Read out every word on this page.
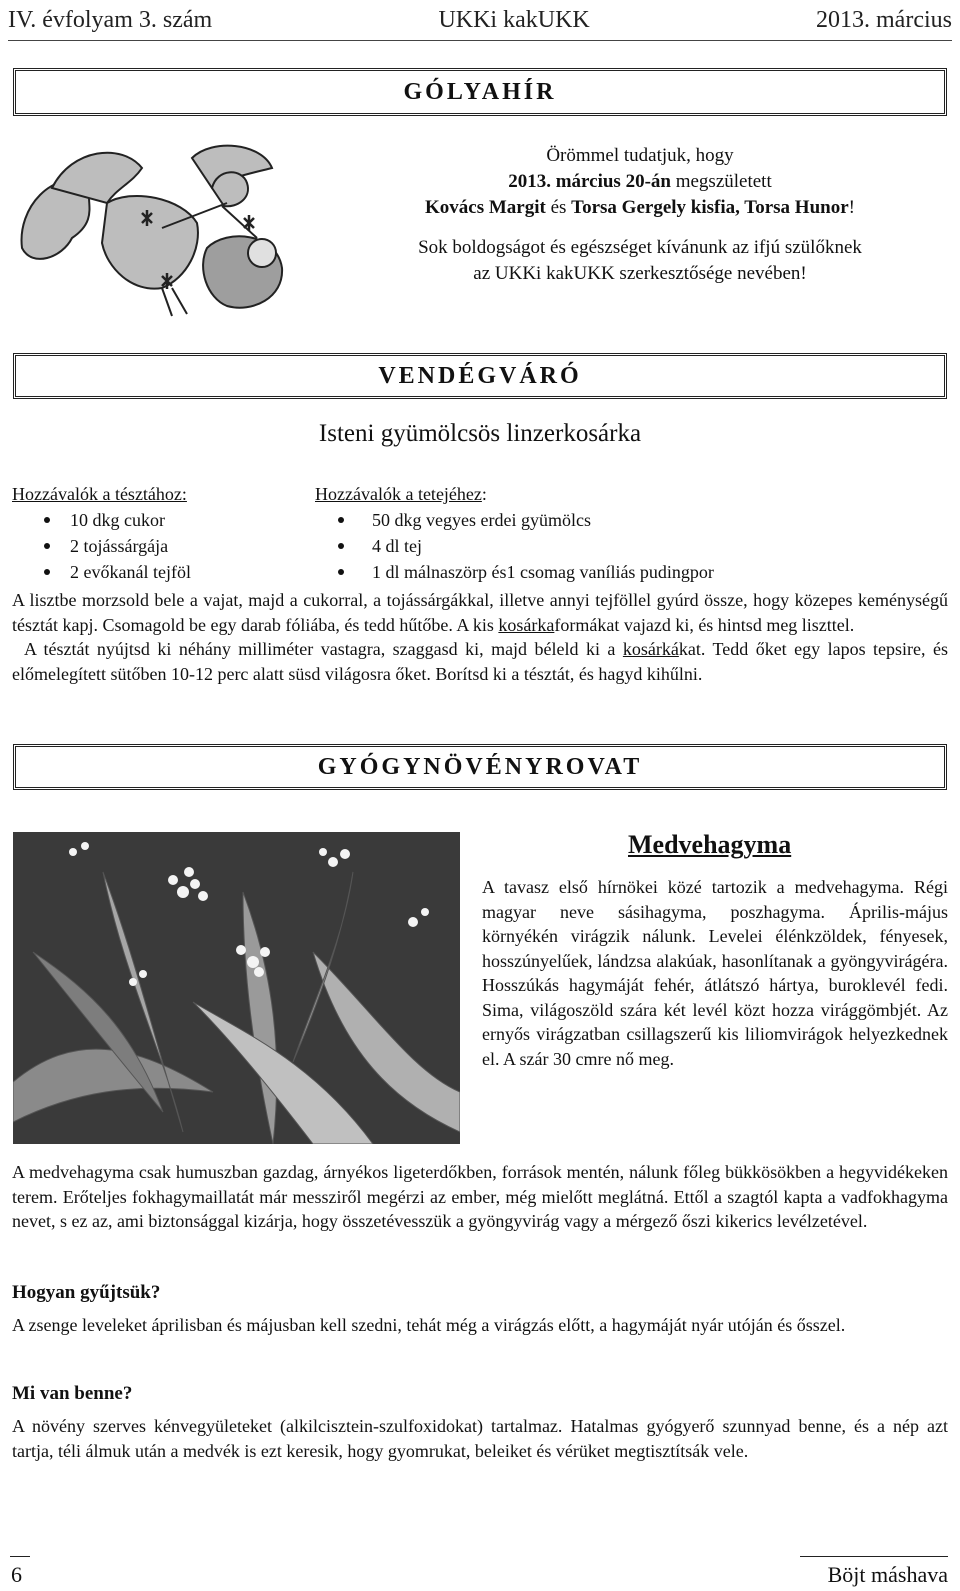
IV. évfolyam 3. szám	UKKi kakUKK	2013. március
GÓLYAHÍR
Örömmel tudatjuk, hogy
2013. március 20-án megszületett
Kovács Margit és Torsa Gergely kisfia, Torsa Hunor!
Sok boldogságot és egészséget kívánunk az ifjú szülőknek
az UKKi kakUKK szerkesztősége nevében!
VENDÉGVÁRÓ
Isteni gyümölcsös linzerkosárka
Hozzávalók a tésztához:
10 dkg cukor
2 tojássárgája
2 evőkanál tejföl
Hozzávalók a tetejéhez:
50 dkg vegyes erdei gyümölcs
4 dl tej
1 dl málnaszörp és1 csomag vaníliás pudingpor

A lisztbe morzsold bele a vajat, majd a cukorral, a tojássárgákkal, illetve annyi tejföllel gyúrd össze, hogy közepes keménységű tésztát kapj. Csomagold be egy darab fóliába, és tedd hűtőbe. A kis kosárkaformákat vajazd ki, és hintsd meg liszttel.

A tésztát nyújtsd ki néhány milliméter vastagra, szaggasd ki, majd béleld ki a kosárkákat. Tedd őket egy lapos tepsire, és előmelegített sütőben 10-12 perc alatt süsd világosra őket. Borítsd ki a tésztát, és hagyd kihűlni.

GYÓGYNÖVÉNYROVAT
Medvehagyma
A tavasz első hírnökei közé tartozik a medvehagyma. Régi magyar neve sásihagyma, poszhagyma. Április-május környékén virágzik nálunk. Levelei élénkzöldek, fényesek, hosszúnyelűek, lándzsa alakúak, hasonlítanak a gyöngyvirágéra. Hosszúkás hagymáját fehér, átlátszó hártya, buroklevél fedi. Sima, világoszöld szára két levél közt hozza virággömbjét. Az ernyős virágzatban csillagszerű kis liliomvirágok helyezkednek el. A szár 30 cmre nő meg.
A medvehagyma csak humuszban gazdag, árnyékos ligeterdőkben, források mentén, nálunk főleg bükkösökben a hegyvidékeken terem. Erőteljes fokhagymaillatát már messziről megérzi az ember, még mielőtt meglátná. Ettől a szagtól kapta a vadfokhagyma nevet, s ez az, ami biztonsággal kizárja, hogy összetévesszük a gyöngyvirág vagy a mérgező őszi kikerics levélzetével.
Hogyan gyűjtsük?
A zsenge leveleket áprilisban és májusban kell szedni, tehát még a virágzás előtt, a hagymáját nyár utóján és ősszel.
Mi van benne?
A növény szerves kénvegyületeket (alkilcisztein-szulfoxidokat) tartalmaz. Hatalmas gyógyerő szunnyad benne, és a nép azt tartja, téli álmuk után a medvék is ezt keresik, hogy gyomrukat, beleiket és vérüket megtisztítsák vele.
6	Böjt máshava
